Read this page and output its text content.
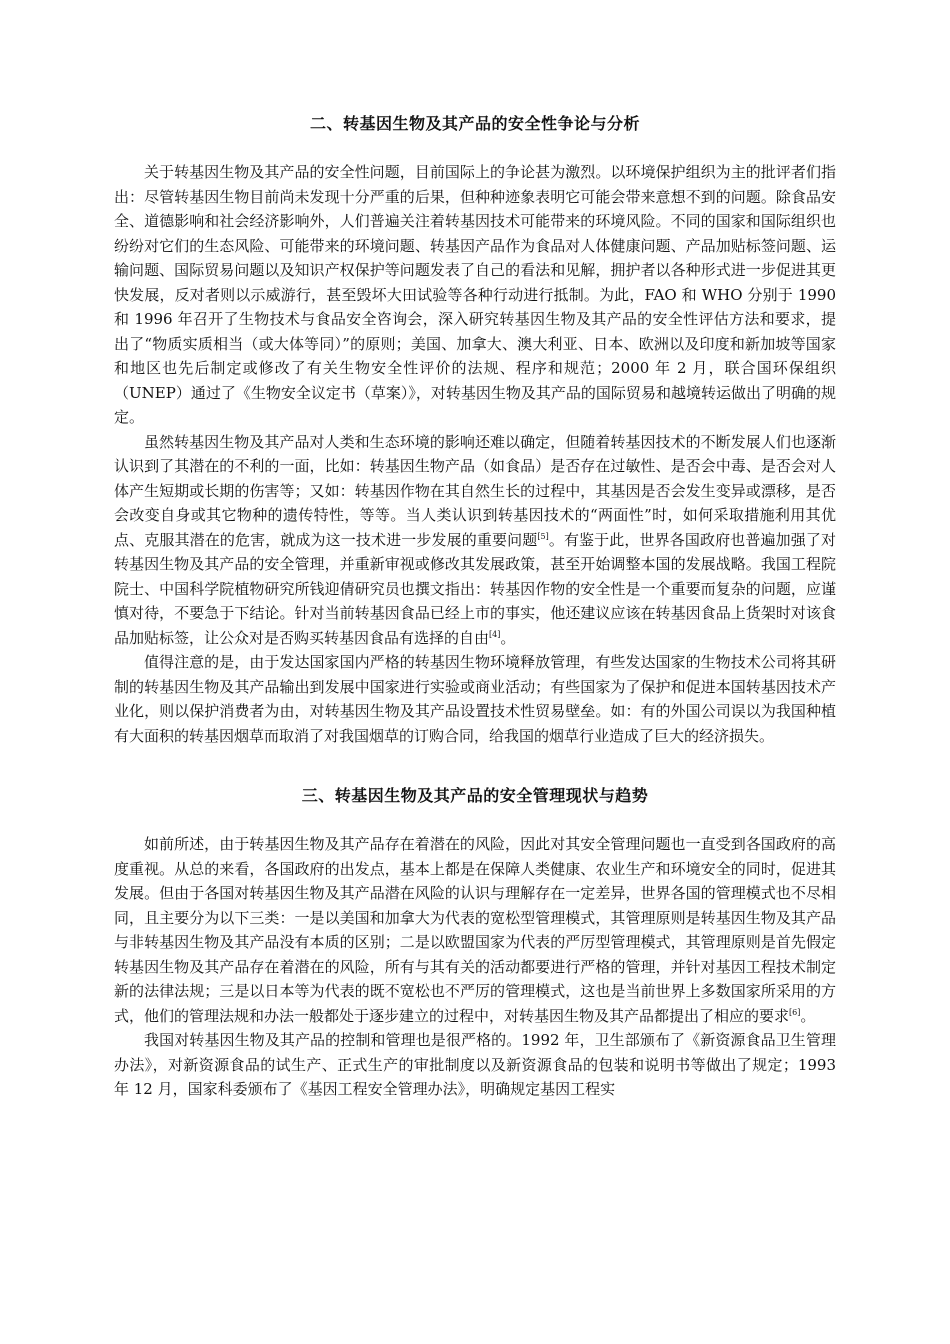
二、转基因生物及其产品的安全性争论与分析

关于转基因生物及其产品的安全性问题，目前国际上的争论甚为激烈。以环境保护组织为主的批评者们指出：尽管转基因生物目前尚未发现十分严重的后果，但种种迹象表明它可能会带来意想不到的问题。除食品安全、道德影响和社会经济影响外，人们普遍关注着转基因技术可能带来的环境风险。不同的国家和国际组织也纷纷对它们的生态风险、可能带来的环境问题、转基因产品作为食品对人体健康问题、产品加贴标签问题、运输问题、国际贸易问题以及知识产权保护等问题发表了自己的看法和见解，拥护者以各种形式进一步促进其更快发展，反对者则以示威游行，甚至毁坏大田试验等各种行动进行抵制。为此，FAO 和 WHO 分别于 1990 和 1996 年召开了生物技术与食品安全咨询会，深入研究转基因生物及其产品的安全性评估方法和要求，提出了“物质实质相当（或大体等同）”的原则；美国、加拿大、澳大利亚、日本、欧洲以及印度和新加坡等国家和地区也先后制定或修改了有关生物安全性评价的法规、程序和规范；2000 年 2 月，联合国环保组织（UNEP）通过了《生物安全议定书（草案）》，对转基因生物及其产品的国际贸易和越境转运做出了明确的规定。

虽然转基因生物及其产品对人类和生态环境的影响还难以确定，但随着转基因技术的不断发展人们也逐渐认识到了其潜在的不利的一面，比如：转基因生物产品（如食品）是否存在过敏性、是否会中毒、是否会对人体产生短期或长期的伤害等；又如：转基因作物在其自然生长的过程中，其基因是否会发生变异或漂移，是否会改变自身或其它物种的遗传特性，等等。当人类认识到转基因技术的“两面性”时，如何采取措施利用其优点、克服其潜在的危害，就成为这一技术进一步发展的重要问题[5]。有鉴于此，世界各国政府也普遍加强了对转基因生物及其产品的安全管理，并重新审视或修改其发展政策，甚至开始调整本国的发展战略。我国工程院院士、中国科学院植物研究所钱迎倩研究员也撰文指出：转基因作物的安全性是一个重要而复杂的问题，应谨慎对待，不要急于下结论。针对当前转基因食品已经上市的事实，他还建议应该在转基因食品上货架时对该食品加贴标签，让公众对是否购买转基因食品有选择的自由[4]。

值得注意的是，由于发达国家国内严格的转基因生物环境释放管理，有些发达国家的生物技术公司将其研制的转基因生物及其产品输出到发展中国家进行实验或商业活动；有些国家为了保护和促进本国转基因技术产业化，则以保护消费者为由，对转基因生物及其产品设置技术性贸易壁垒。如：有的外国公司误以为我国种植有大面积的转基因烟草而取消了对我国烟草的订购合同，给我国的烟草行业造成了巨大的经济损失。

三、转基因生物及其产品的安全管理现状与趋势

如前所述，由于转基因生物及其产品存在着潜在的风险，因此对其安全管理问题也一直受到各国政府的高度重视。从总的来看，各国政府的出发点，基本上都是在保障人类健康、农业生产和环境安全的同时，促进其发展。但由于各国对转基因生物及其产品潜在风险的认识与理解存在一定差异，世界各国的管理模式也不尽相同，且主要分为以下三类：一是以美国和加拿大为代表的宽松型管理模式，其管理原则是转基因生物及其产品与非转基因生物及其产品没有本质的区别；二是以欧盟国家为代表的严厉型管理模式，其管理原则是首先假定转基因生物及其产品存在着潜在的风险，所有与其有关的活动都要进行严格的管理，并针对基因工程技术制定新的法律法规；三是以日本等为代表的既不宽松也不严厉的管理模式，这也是当前世界上多数国家所采用的方式，他们的管理法规和办法一般都处于逐步建立的过程中，对转基因生物及其产品都提出了相应的要求[6]。

我国对转基因生物及其产品的控制和管理也是很严格的。1992 年，卫生部颁布了《新资源食品卫生管理办法》，对新资源食品的试生产、正式生产的审批制度以及新资源食品的包装和说明书等做出了规定；1993 年 12 月，国家科委颁布了《基因工程安全管理办法》，明确规定基因工程实
